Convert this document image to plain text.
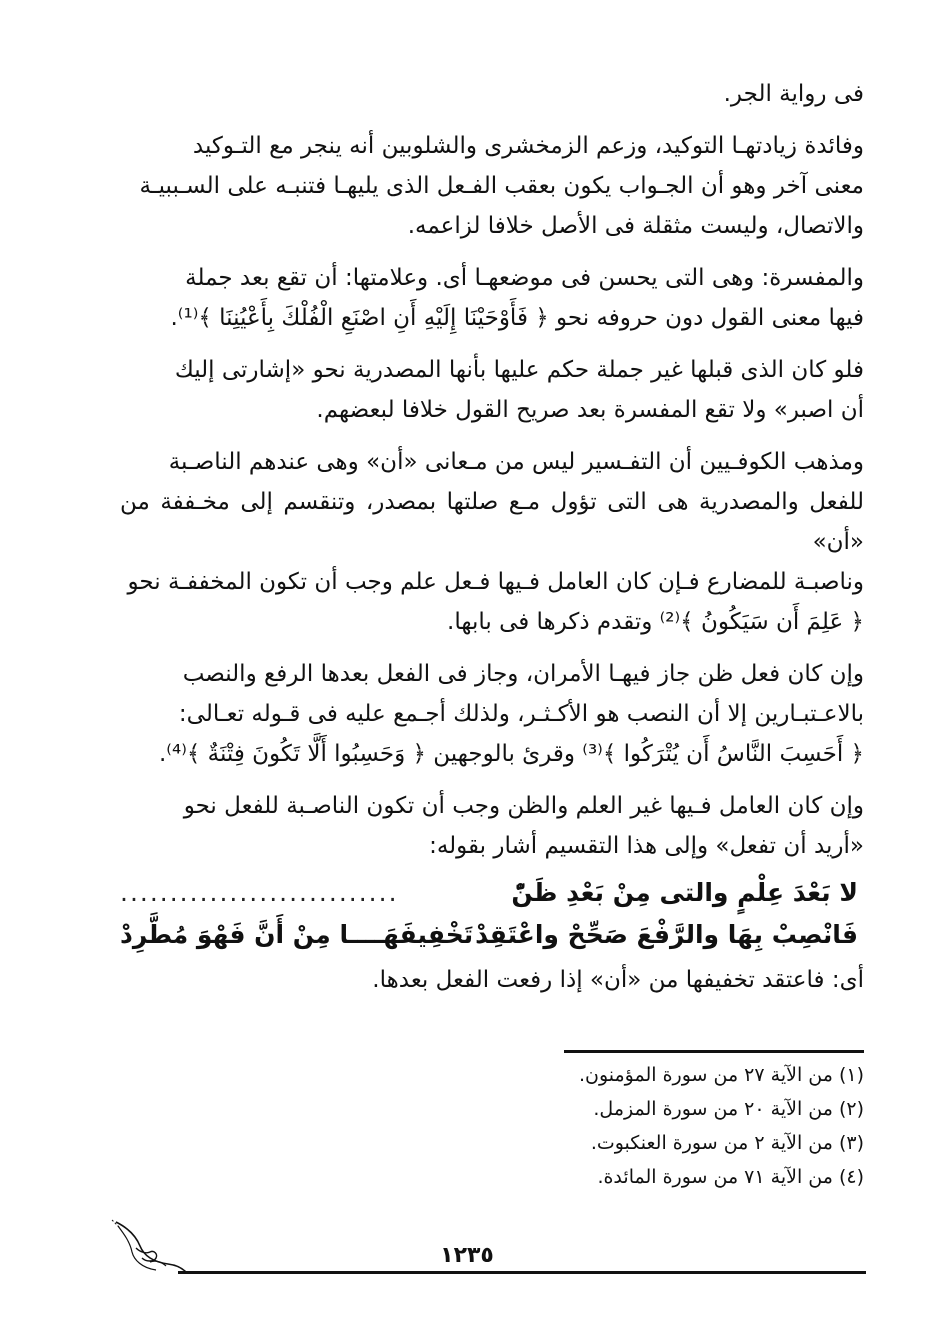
فى رواية الجر.

وفائدة زيادتهـا التوكيد، وزعم الزمخشرى والشلوبين أنه ينجر مع التـوكيد

معنى آخر وهو أن الجـواب يكون بعقب الفـعل الذى يليهـا فتنبـه على السـببيـة

والاتصال، وليست مثقلة فى الأصل خلافا لزاعمه.

والمفسرة: وهى التى يحسن فى موضعهـا أى. وعلامتها: أن تقع بعد جملة

فيها معنى القول دون حروفه نحو ﴿ فَأَوْحَيْنَا إِلَيْهِ أَنِ اصْنَعِ الْفُلْكَ بِأَعْيُنِنَا ﴾⁽¹⁾.

فلو كان الذى قبلها غير جملة حكم عليها بأنها المصدرية نحو «إشارتى إليك

أن اصبر» ولا تقع المفسرة بعد صريح القول خلافا لبعضهم.

ومذهب الكوفـيين أن التفـسير ليس من مـعانى «أن» وهى عندهم الناصـبة

للفعل والمصدرية هى التى تؤول مـع صلتها بمصدر، وتنقسم إلى مخـففة من «أن»

وناصبـة للمضارع فـإن كان العامل فـيها فـعل علم وجب أن تكون المخففـة نحو

﴿ عَلِمَ أَن سَيَكُونُ ﴾⁽²⁾ وتقدم ذكرها فى بابها.

وإن كان فعل ظن جاز فيهـا الأمران، وجاز فى الفعل بعدها الرفع والنصب

بالاعـتبـارين إلا أن النصب هو الأكـثـر، ولذلك أجـمع عليه فى قـوله تعـالى:

﴿ أَحَسِبَ النَّاسُ أَن يُتْرَكُوا ﴾⁽³⁾ وقرئ بالوجهين ﴿ وَحَسِبُوا أَلَّا تَكُونَ فِتْنَةٌ ﴾⁽⁴⁾.

وإن كان العامل فـيها غير العلم والظن وجب أن تكون الناصـبة للفعل نحو

«أريد أن تفعل» وإلى هذا التقسيم أشار بقوله:

لا بَعْدَ عِلْمٍ والتى مِنْ بَعْدِ ظَنّْ
............................
فَانْصِبْ بِهَا والرَّفْعَ صَحِّحْ واعْتَقِدْ
تَخْفِيفَهَــــا مِنْ أَنَّ فَهْوَ مُطَّرِدْ

أى: فاعتقد تخفيفها من «أن» إذا رفعت الفعل بعدها.

(١) من الآية ٢٧ من سورة المؤمنون.
(٢) من الآية ٢٠ من سورة المزمل.
(٣) من الآية ٢ من سورة العنكبوت.
(٤) من الآية ٧١ من سورة المائدة.
١٢٣٥
